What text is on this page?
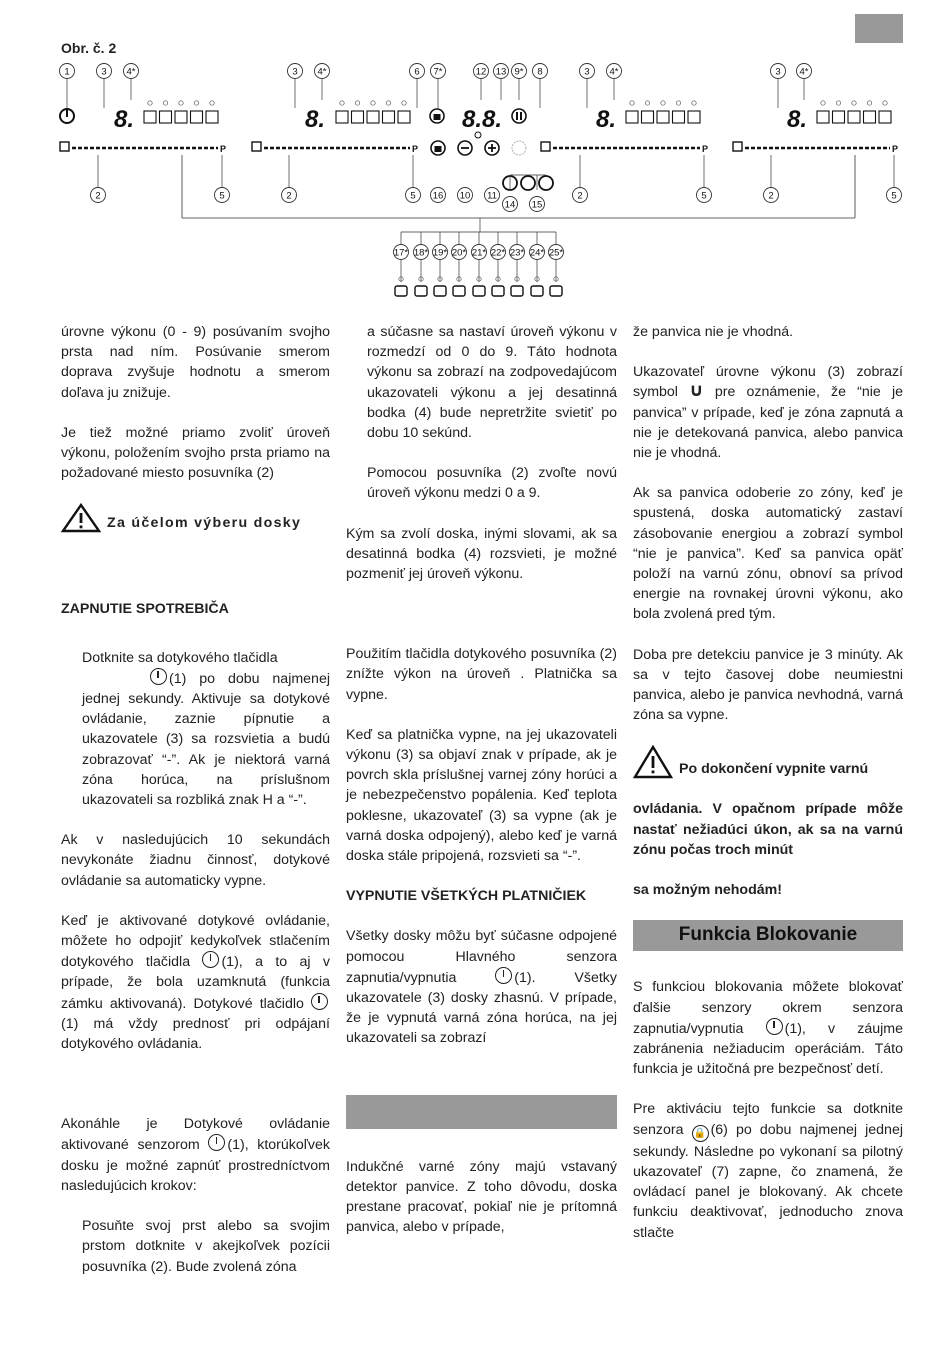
Obr. č. 2
1	3 4*	3 4*	6 7*	12 13 9* 8	3 4*	3 4*
8.
P
8.
P
8.
P
8.
P
2	5	2	5 16 10 11	2	5	2	5
8.8.
14 15
17* 18* 19* 20* 21* 22* 23* 24* 25*

úrovne výkonu (0 - 9) posúvaním svojho prsta nad ním. Posúvanie smerom doprava zvyšuje hodnotu a smerom doľava ju znižuje.

Je tiež možné priamo zvoliť úroveň výkonu, položením svojho prsta priamo na požadované miesto posuvníka (2)

Za účelom výberu dosky
ZAPNUTIE SPOTREBIČA

Dotknite sa dotykového tlačidla
(1) po dobu najmenej jednej sekundy. Aktivuje sa dotykové ovládanie, zaznie pípnutie a ukazovatele (3) sa rozsvietia a budú zobrazovať “-”. Ak je niektorá varná zóna horúca, na príslušnom ukazovateli sa rozbliká znak H a “-”.

Ak v nasledujúcich 10 sekundách nevykonáte žiadnu činnosť, dotykové ovládanie sa automaticky vypne.

Keď je aktivované dotykové ovládanie, môžete ho odpojiť kedykoľvek stlačením dotykového tlačidla (1), a to aj v prípade, že bola uzamknutá (funkcia zámku aktivovaná). Dotykové tlačidlo (1) má vždy prednosť pri odpájaní dotykového ovládania.

Akonáhle je Dotykové ovládanie aktivované senzorom (1), ktorúkoľvek dosku je možné zapnúť prostredníctvom nasledujúcich krokov:

Posuňte svoj prst alebo sa svojim prstom dotknite v akejkoľvek pozícii posuvníka (2). Bude zvolená zóna

a súčasne sa nastaví úroveň výkonu v rozmedzí od 0 do 9. Táto hodnota výkonu sa zobrazí na zodpovedajúcom ukazovateli výkonu a jej desatinná bodka (4) bude nepretržite svietiť po dobu 10 sekúnd.

Pomocou posuvníka (2) zvoľte novú úroveň výkonu medzi 0 a 9.

Kým sa zvolí doska, inými slovami, ak sa desatinná bodka (4) rozsvieti, je možné pozmeniť jej úroveň výkonu.

Použitím tlačidla dotykového posuvníka (2) znížte výkon na úroveň . Platnička sa vypne.

Keď sa platnička vypne, na jej ukazovateli výkonu (3) sa objaví znak v prípade, ak je povrch skla príslušnej varnej zóny horúci a je nebezpečenstvo popálenia. Keď teplota poklesne, ukazovateľ (3) sa vypne (ak je varná doska odpojený), alebo keď je varná doska stále pripojená, rozsvieti sa “-”.

VYPNUTIE VŠETKÝCH PLATNIČIEK

Všetky dosky môžu byť súčasne odpojené pomocou Hlavného senzora zapnutia/vypnutia	(1). Všetky ukazovatele (3) dosky zhasnú. V prípade, že je vypnutá varná zóna horúca, na jej ukazovateli sa zobrazí

Indukčné varné zóny majú vstavaný detektor panvice. Z toho dôvodu, doska prestane pracovať, pokiaľ nie je prítomná panvica, alebo v prípade,

že panvica nie je vhodná.

Ukazovateľ úrovne výkonu (3) zobrazí symbol ∪ pre oznámenie, že “nie je panvica” v prípade, keď je zóna zapnutá a nie je detekovaná panvica, alebo panvica nie je vhodná.

Ak sa panvica odoberie zo zóny, keď je spustená, doska automatický zastaví zásobovanie energiou a zobrazí symbol “nie je panvica”. Keď sa panvica opäť položí na varnú zónu, obnoví sa prívod energie na rovnakej úrovni výkonu, ako bola zvolená pred tým.

Doba pre detekciu panvice je 3 minúty. Ak sa v tejto časovej dobe neumiestni panvica, alebo je panvica nevhodná, varná zóna sa vypne.

Po dokončení vypnite varnú

ovládania. V opačnom prípade môže nastať nežiadúci úkon, ak sa na varnú zónu počas troch minút

sa možným nehodám!

Funkcia Blokovanie

S funkciou blokovania môžete blokovať ďalšie senzory okrem senzora zapnutia/vypnutia	(1), v záujme zabránenia nežiaducim operáciám. Táto funkcia je užitočná pre bezpečnosť detí.

Pre aktiváciu tejto funkcie sa dotknite senzora 🔒 (6) po dobu najmenej jednej sekundy. Následne po vykonaní sa pilotný ukazovateľ (7) zapne, čo znamená, že ovládací panel je blokovaný. Ak chcete funkciu deaktivovať, jednoducho znova stlačte
